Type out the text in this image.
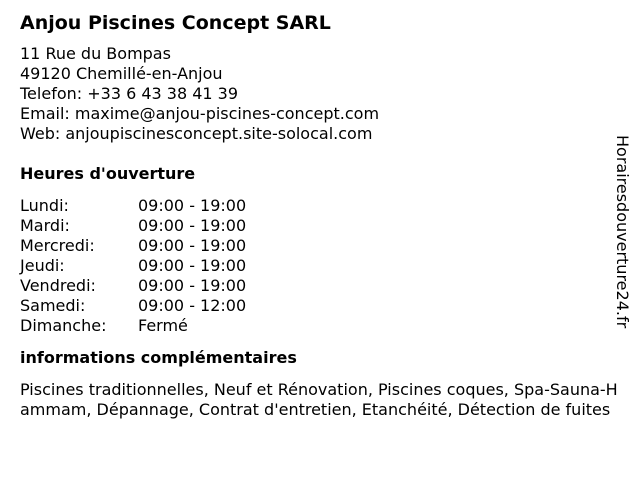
Anjou Piscines Concept SARL
11 Rue du Bompas
49120 Chemillé-en-Anjou
Telefon: +33 6 43 38 41 39
Email: maxime@anjou-piscines-concept.com
Web: anjoupiscinesconcept.site-solocal.com
Heures d'ouverture
Lundi:	09:00 - 19:00
Mardi:	09:00 - 19:00
Mercredi:	09:00 - 19:00
Jeudi:	09:00 - 19:00
Vendredi:	09:00 - 19:00
Samedi:	09:00 - 12:00
Dimanche: Fermé
informations complémentaires
Piscines traditionnelles, Neuf et Rénovation, Piscines coques, Spa-Sauna-Hammam, Dépannage, Contrat d'entretien, Etanchéité, Détection de fuites
Horairesdouverture24.fr
